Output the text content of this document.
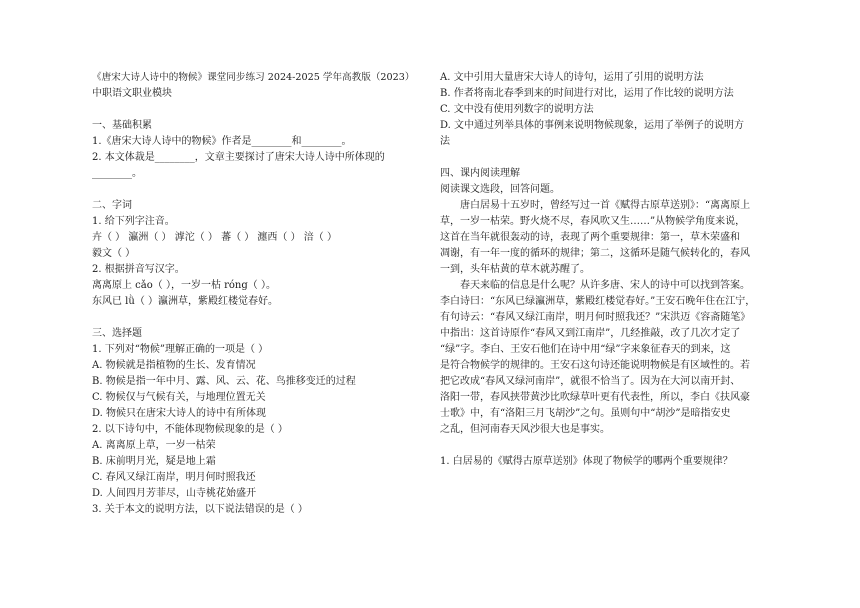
《唐宋大诗人诗中的物候》课堂同步练习 2024-2025 学年高教版（2023）
中职语文职业模块
一、基础积累
1.《唐宋大诗人诗中的物候》作者是________和________。
2. 本文体裁是________，文章主要探讨了唐宋大诗人诗中所体现的
________。
二、字词
1. 给下列字注音。
卉（ ） 瀛洲（ ） 滹沱（ ） 蕃（ ） 瀍西（ ） 涪（ ）
毅文（ ）
2. 根据拼音写汉字。
离离原上 cǎo（ ），一岁一枯 róng（ ）。
东风已 lǜ（ ）瀛洲草，紫殿红楼觉春好。
三、选择题
1. 下列对“物候”理解正确的一项是（ ）
A. 物候就是指植物的生长、发育情况
B. 物候是指一年中月、露、风、云、花、鸟推移变迁的过程
C. 物候仅与气候有关，与地理位置无关
D. 物候只在唐宋大诗人的诗中有所体现
2. 以下诗句中，不能体现物候现象的是（ ）
A. 离离原上草，一岁一枯荣
B. 床前明月光，疑是地上霜
C. 春风又绿江南岸，明月何时照我还
D. 人间四月芳菲尽，山寺桃花始盛开
3. 关于本文的说明方法，以下说法错误的是（ ）
A. 文中引用大量唐宋大诗人的诗句，运用了引用的说明方法
B. 作者将南北春季到来的时间进行对比，运用了作比较的说明方法
C. 文中没有使用列数字的说明方法
D. 文中通过列举具体的事例来说明物候现象，运用了举例子的说明方
法
四、课内阅读理解
阅读课文选段，回答问题。
唐白居易十五岁时，曾经写过一首《赋得古原草送别》：“离离原上
草，一岁一枯荣。野火烧不尽，春风吹又生……”从物候学角度来说，
这首在当年就很轰动的诗，表现了两个重要规律：第一，草木荣盛和
凋谢，有一年一度的循环的规律；第二，这循环是随气候转化的，春风
一到，头年枯黄的草木就苏醒了。
春天来临的信息是什么呢？从许多唐、宋人的诗中可以找到答案。
李白诗曰：“东风已绿瀛洲草，紫殿红楼觉春好。”王安石晚年住在江宁，
有句诗云：“春风又绿江南岸，明月何时照我还？”宋洪迈《容斋随笔》
中指出：这首诗原作“春风又到江南岸”，几经推敲，改了几次才定了
“绿”字。李白、王安石他们在诗中用“绿”字来象征春天的到来，这
是符合物候学的规律的。王安石这句诗还能说明物候是有区域性的。若
把它改成“春风又绿河南岸”，就很不恰当了。因为在大河以南开封、
洛阳一带，春风挟带黄沙比吹绿草叶更有代表性，所以，李白《扶风豪
士歌》中，有“洛阳三月飞胡沙”之句。虽则句中“胡沙”是暗指安史
之乱，但河南春天风沙很大也是事实。
1. 白居易的《赋得古原草送别》体现了物候学的哪两个重要规律？
